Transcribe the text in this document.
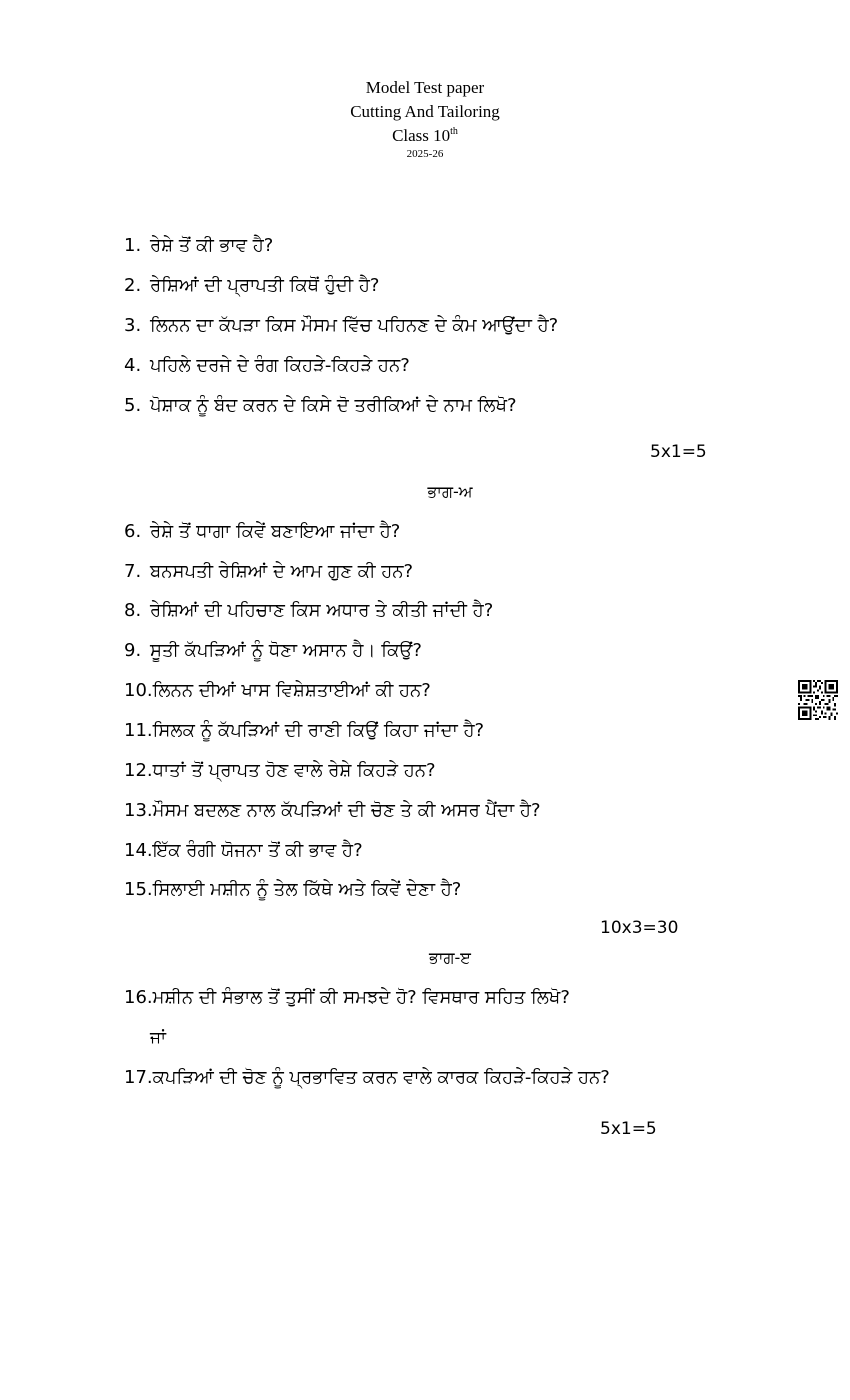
Model Test paper
Cutting And Tailoring
Class 10th
2025-26
1. ਰੇਸ਼ੇ ਤੋਂ ਕੀ ਭਾਵ ਹੈ?
2. ਰੇਸ਼ਿਆਂ ਦੀ ਪ੍ਰਾਪਤੀ ਕਿਥੋਂ ਹੁੰਦੀ ਹੈ?
3. ਲਿਨਨ ਦਾ ਕੱਪੜਾ ਕਿਸ ਮੌਸਮ ਵਿੱਚ ਪਹਿਨਣ ਦੇ ਕੰਮ ਆਉਂਦਾ ਹੈ?
4. ਪਹਿਲੇ ਦਰਜੇ ਦੇ ਰੰਗ ਕਿਹੜੇ-ਕਿਹੜੇ ਹਨ?
5. ਪੋਸ਼ਾਕ ਨੂੰ ਬੰਦ ਕਰਨ ਦੇ ਕਿਸੇ ਦੋ ਤਰੀਕਿਆਂ ਦੇ ਨਾਮ ਲਿਖੋ?
5x1=5
ਭਾਗ-ਅ
6. ਰੇਸ਼ੇ ਤੋਂ ਧਾਗਾ ਕਿਵੇਂ ਬਣਾਇਆ ਜਾਂਦਾ ਹੈ?
7. ਬਨਸਪਤੀ ਰੇਸ਼ਿਆਂ ਦੇ ਆਮ ਗੁਣ ਕੀ ਹਨ?
8. ਰੇਸ਼ਿਆਂ ਦੀ ਪਹਿਚਾਣ ਕਿਸ ਅਧਾਰ ਤੇ ਕੀਤੀ ਜਾਂਦੀ ਹੈ?
9. ਸੂਤੀ ਕੱਪੜਿਆਂ ਨੂੰ ਧੋਣਾ ਅਸਾਨ ਹੈ। ਕਿਉਂ?
10.ਲਿਨਨ ਦੀਆਂ ਖਾਸ ਵਿਸ਼ੇਸ਼ਤਾਈਆਂ ਕੀ ਹਨ?
11.ਸਿਲਕ ਨੂੰ ਕੱਪੜਿਆਂ ਦੀ ਰਾਣੀ ਕਿਉਂ ਕਿਹਾ ਜਾਂਦਾ ਹੈ?
12.ਧਾਤਾਂ ਤੋਂ ਪ੍ਰਾਪਤ ਹੋਣ ਵਾਲੇ ਰੇਸ਼ੇ ਕਿਹੜੇ ਹਨ?
13.ਮੌਸਮ ਬਦਲਣ ਨਾਲ ਕੱਪੜਿਆਂ ਦੀ ਚੋਣ ਤੇ ਕੀ ਅਸਰ ਪੈਂਦਾ ਹੈ?
14.ਇੱਕ ਰੰਗੀ ਯੋਜਨਾ ਤੋਂ ਕੀ ਭਾਵ ਹੈ?
15.ਸਿਲਾਈ ਮਸ਼ੀਨ ਨੂੰ ਤੇਲ ਕਿੱਥੇ ਅਤੇ ਕਿਵੇਂ ਦੇਣਾ ਹੈ?
10x3=30
ਭਾਗ-ੲ
16.ਮਸ਼ੀਨ ਦੀ ਸੰਭਾਲ ਤੋਂ ਤੁਸੀਂ ਕੀ ਸਮਝਦੇ ਹੋ? ਵਿਸਥਾਰ ਸਹਿਤ ਲਿਖੋ?
ਜਾਂ
17.ਕਪੜਿਆਂ ਦੀ ਚੋਣ ਨੂੰ ਪ੍ਰਭਾਵਿਤ ਕਰਨ ਵਾਲੇ ਕਾਰਕ ਕਿਹੜੇ-ਕਿਹੜੇ ਹਨ?
5x1=5
